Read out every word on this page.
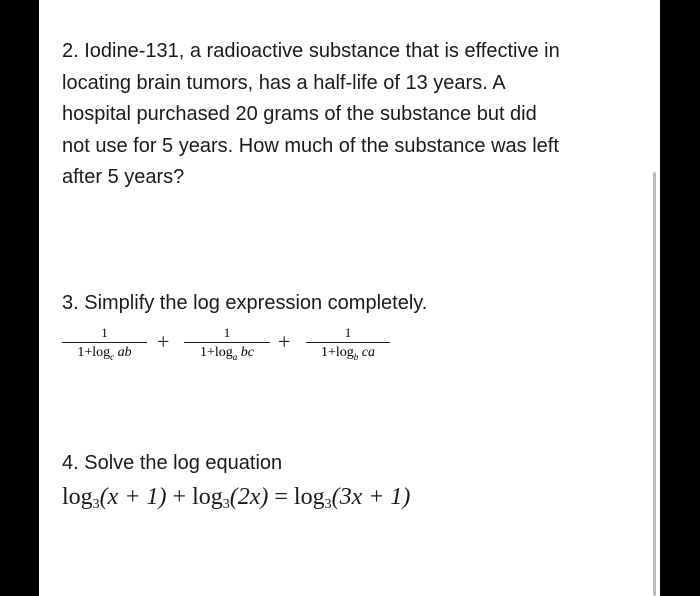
2. Iodine-131, a radioactive substance that is effective in
locating brain tumors, has a half-life of 13 years. A
hospital purchased 20 grams of the substance but did
not use for 5 years. How much of the substance was left
after 5 years?
3. Simplify the log expression completely.
1
$1+\log_c$ ab	+	1
$1+\log_a$ bc	+	1
$1+\log_b$ ca
4. Solve the log equation
$\log_3(x + 1) + \log_3(2x) = \log_3(3x + 1)$
